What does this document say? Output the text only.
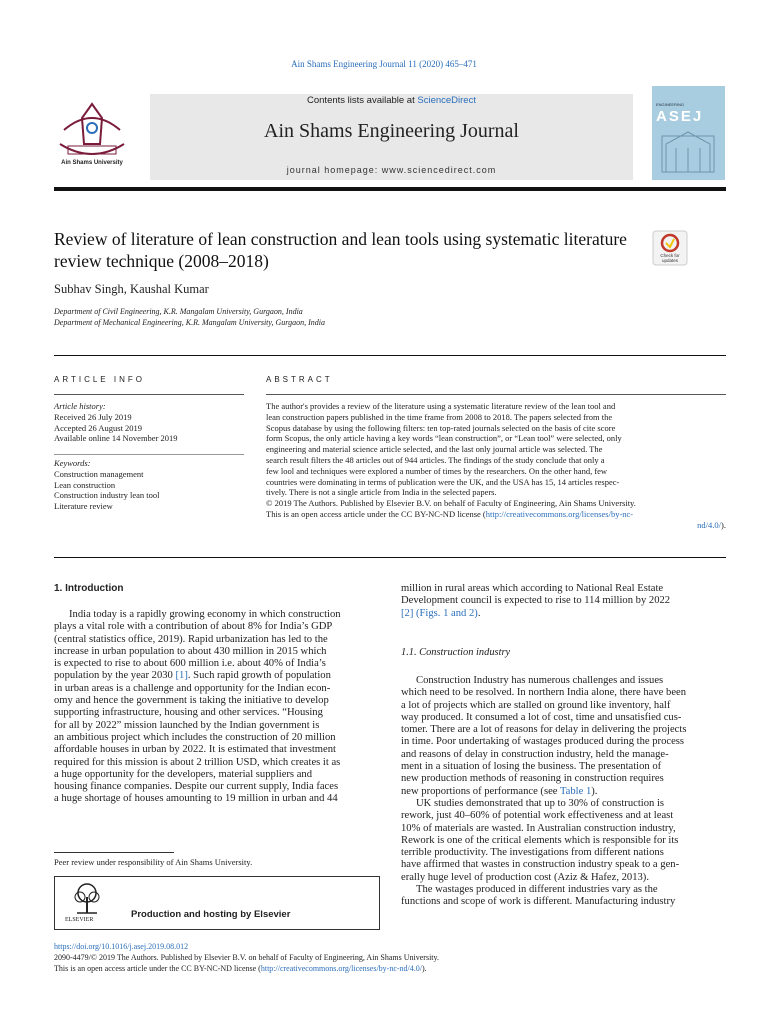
Ain Shams Engineering Journal 11 (2020) 465–471
Ain Shams University
Contents lists available at ScienceDirect
Ain Shams Engineering Journal
journal homepage: www.sciencedirect.com
ENGINEERING
ASEJ
Review of literature of lean construction and lean tools using systematic literature review technique (2008–2018)	Check for updates
Subhav Singh, Kaushal Kumar
Department of Civil Engineering, K.R. Mangalam University, Gurgaon, India
Department of Mechanical Engineering, K.R. Mangalam University, Gurgaon, India
ARTICLE INFO
Article history:
Received 26 July 2019
Accepted 26 August 2019
Available online 14 November 2019
Keywords:
Construction management
Lean construction
Construction industry lean tool
Literature review
ABSTRACT
The author's provides a review of the literature using a systematic literature review of the lean tool and
lean construction papers published in the time frame from 2008 to 2018. The papers selected from the
Scopus database by using the following filters: ten top-rated journals selected on the basis of cite score
form Scopus, the only article having a key words “lean construction”, or “Lean tool” were selected, only
engineering and material science article selected, and the last only journal article was selected. The
search result filters the 48 articles out of 944 articles. The findings of the study conclude that only a
few lool and techniques were explored a number of times by the researchers. On the other hand, few
countries were dominating in terms of publication were the UK, and the USA has 15, 14 articles respec-
tively. There is not a single article from India in the selected papers.
© 2019 The Authors. Published by Elsevier B.V. on behalf of Faculty of Engineering, Ain Shams University.
This is an open access article under the CC BY-NC-ND license (http://creativecommons.org/licenses/by-nc-
nd/4.0/).
1. Introduction
India today is a rapidly growing economy in which construction
plays a vital role with a contribution of about 8% for India’s GDP
(central statistics office, 2019). Rapid urbanization has led to the
increase in urban population to about 430 million in 2015 which
is expected to rise to about 600 million i.e. about 40% of India’s
population by the year 2030 [1]. Such rapid growth of population
in urban areas is a challenge and opportunity for the Indian econ-
omy and hence the government is taking the initiative to develop
supporting infrastructure, housing and other services. “Housing
for all by 2022” mission launched by the Indian government is
an ambitious project which includes the construction of 20 million
affordable houses in urban by 2022. It is estimated that investment
required for this mission is about 2 trillion USD, which creates it as
a huge opportunity for the developers, material suppliers and
housing finance companies. Despite our current supply, India faces
a huge shortage of houses amounting to 19 million in urban and 44
Peer review under responsibility of Ain Shams University.
ELSEVIER	Production and hosting by Elsevier
million in rural areas which according to National Real Estate
Development council is expected to rise to 114 million by 2022
[2] (Figs. 1 and 2).
1.1. Construction industry
Construction Industry has numerous challenges and issues
which need to be resolved. In northern India alone, there have been
a lot of projects which are stalled on ground like inventory, half
way produced. It consumed a lot of cost, time and unsatisfied cus-
tomer. There are a lot of reasons for delay in delivering the projects
in time. Poor undertaking of wastages produced during the process
and reasons of delay in construction industry, held the manage-
ment in a situation of losing the business. The presentation of
new production methods of reasoning in construction requires
new proportions of performance (see Table 1).
UK studies demonstrated that up to 30% of construction is
rework, just 40–60% of potential work effectiveness and at least
10% of materials are wasted. In Australian construction industry,
Rework is one of the critical elements which is responsible for its
terrible productivity. The investigations from different nations
have affirmed that wastes in construction industry speak to a gen-
erally huge level of production cost (Aziz & Hafez, 2013).
The wastages produced in different industries vary as the
functions and scope of work is different. Manufacturing industry
https://doi.org/10.1016/j.asej.2019.08.012
2090-4479/© 2019 The Authors. Published by Elsevier B.V. on behalf of Faculty of Engineering, Ain Shams University.
This is an open access article under the CC BY-NC-ND license (http://creativecommons.org/licenses/by-nc-nd/4.0/).
